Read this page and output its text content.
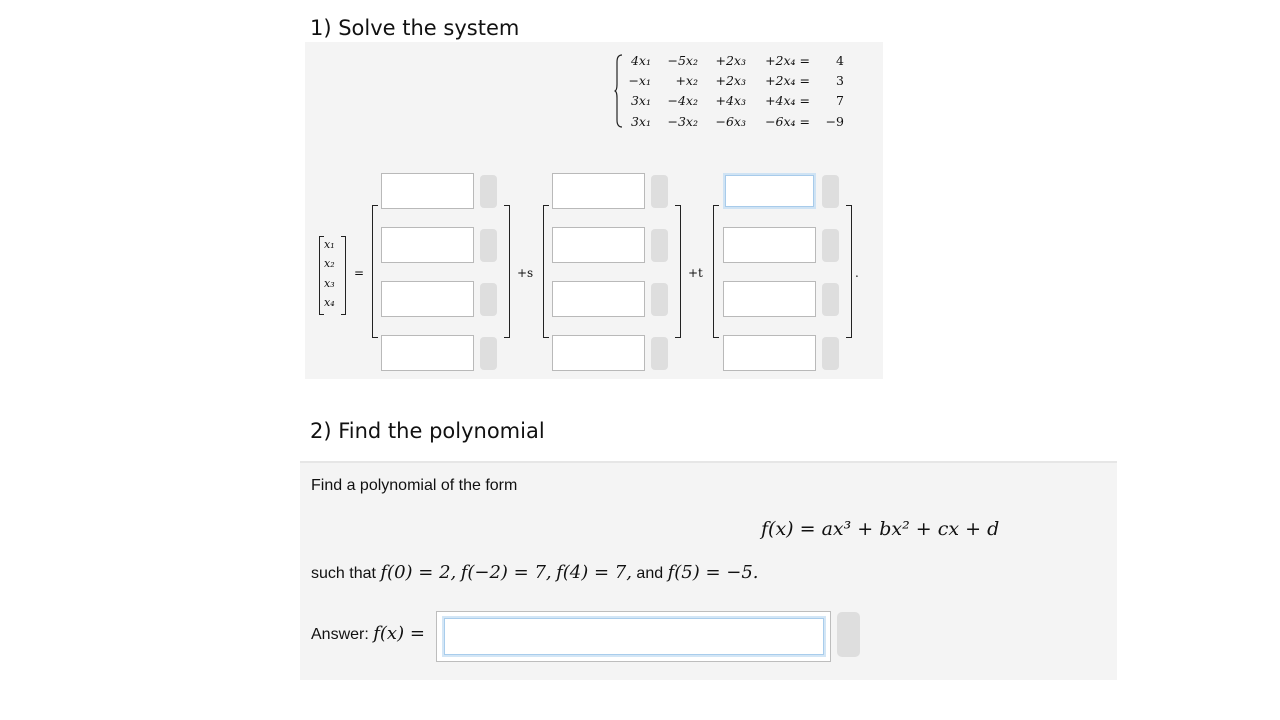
1) Solve the system
4x₁ −5x₂ +2x₃ +2x₄ = 4
−x₁ +x₂ +2x₃ +2x₄ = 3
3x₁ −4x₂ +4x₃ +4x₄ = 7
3x₁ −3x₂ −6x₃ −6x₄ = −9
x₁
x₂
x₃
x₄
=	+s	+t	.
2) Find the polynomial
Find a polynomial of the form
f(x) = ax³ + bx² + cx + d
such that f(0) = 2, f(−2) = 7, f(4) = 7, and f(5) = −5.
Answer: f(x) =
